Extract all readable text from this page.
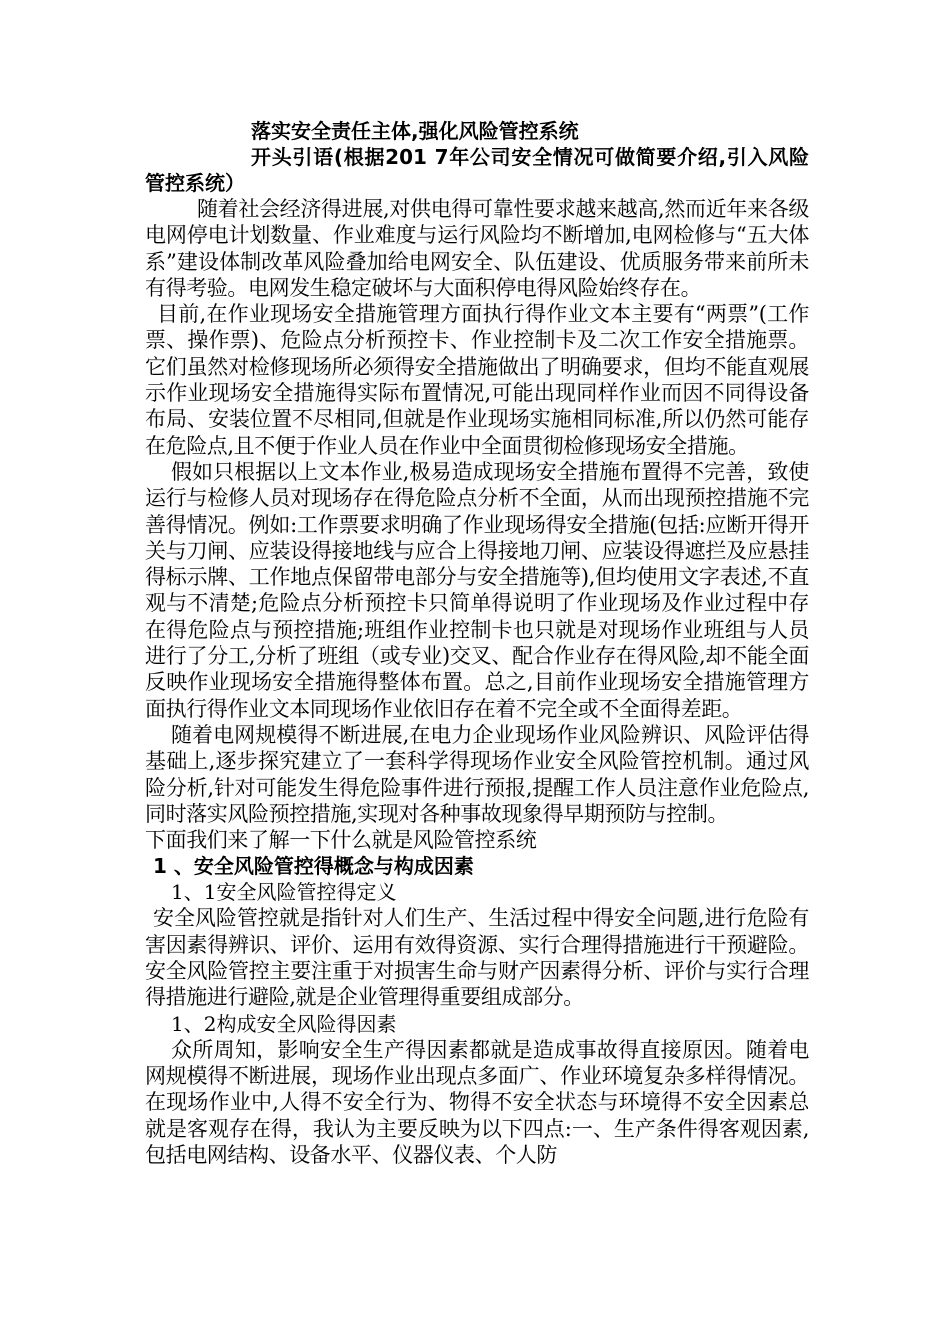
落实安全责任主体,强化风险管控系统

开头引语(根据201 7年公司安全情况可做简要介绍,引入风险管控系统）

随着社会经济得进展,对供电得可靠性要求越来越高,然而近年来各级电网停电计划数量、作业难度与运行风险均不断增加,电网检修与“五大体系”建设体制改革风险叠加给电网安全、队伍建设、优质服务带来前所未有得考验。电网发生稳定破坏与大面积停电得风险始终存在。

目前,在作业现场安全措施管理方面执行得作业文本主要有“两票”(工作票、操作票)、危险点分析预控卡、作业控制卡及二次工作安全措施票。它们虽然对检修现场所必须得安全措施做出了明确要求，但均不能直观展示作业现场安全措施得实际布置情况,可能出现同样作业而因不同得设备布局、安装位置不尽相同,但就是作业现场实施相同标准,所以仍然可能存在危险点,且不便于作业人员在作业中全面贯彻检修现场安全措施。

假如只根据以上文本作业,极易造成现场安全措施布置得不完善，致使运行与检修人员对现场存在得危险点分析不全面，从而出现预控措施不完善得情况。例如:工作票要求明确了作业现场得安全措施(包括:应断开得开关与刀闸、应装设得接地线与应合上得接地刀闸、应装设得遮拦及应悬挂得标示牌、工作地点保留带电部分与安全措施等),但均使用文字表述,不直观与不清楚;危险点分析预控卡只简单得说明了作业现场及作业过程中存在得危险点与预控措施;班组作业控制卡也只就是对现场作业班组与人员进行了分工,分析了班组（或专业)交叉、配合作业存在得风险,却不能全面反映作业现场安全措施得整体布置。总之,目前作业现场安全措施管理方面执行得作业文本同现场作业依旧存在着不完全或不全面得差距。

随着电网规模得不断进展,在电力企业现场作业风险辨识、风险评估得基础上,逐步探究建立了一套科学得现场作业安全风险管控机制。通过风险分析,针对可能发生得危险事件进行预报,提醒工作人员注意作业危险点,同时落实风险预控措施,实现对各种事故现象得早期预防与控制。

下面我们来了解一下什么就是风险管控系统

1 、安全风险管控得概念与构成因素

1、1安全风险管控得定义

安全风险管控就是指针对人们生产、生活过程中得安全问题,进行危险有害因素得辨识、评价、运用有效得资源、实行合理得措施进行干预避险。安全风险管控主要注重于对损害生命与财产因素得分析、评价与实行合理得措施进行避险,就是企业管理得重要组成部分。

1、2构成安全风险得因素

众所周知，影响安全生产得因素都就是造成事故得直接原因。随着电网规模得不断进展，现场作业出现点多面广、作业环境复杂多样得情况。在现场作业中,人得不安全行为、物得不安全状态与环境得不安全因素总就是客观存在得，我认为主要反映为以下四点:一、生产条件得客观因素,包括电网结构、设备水平、仪器仪表、个人防
